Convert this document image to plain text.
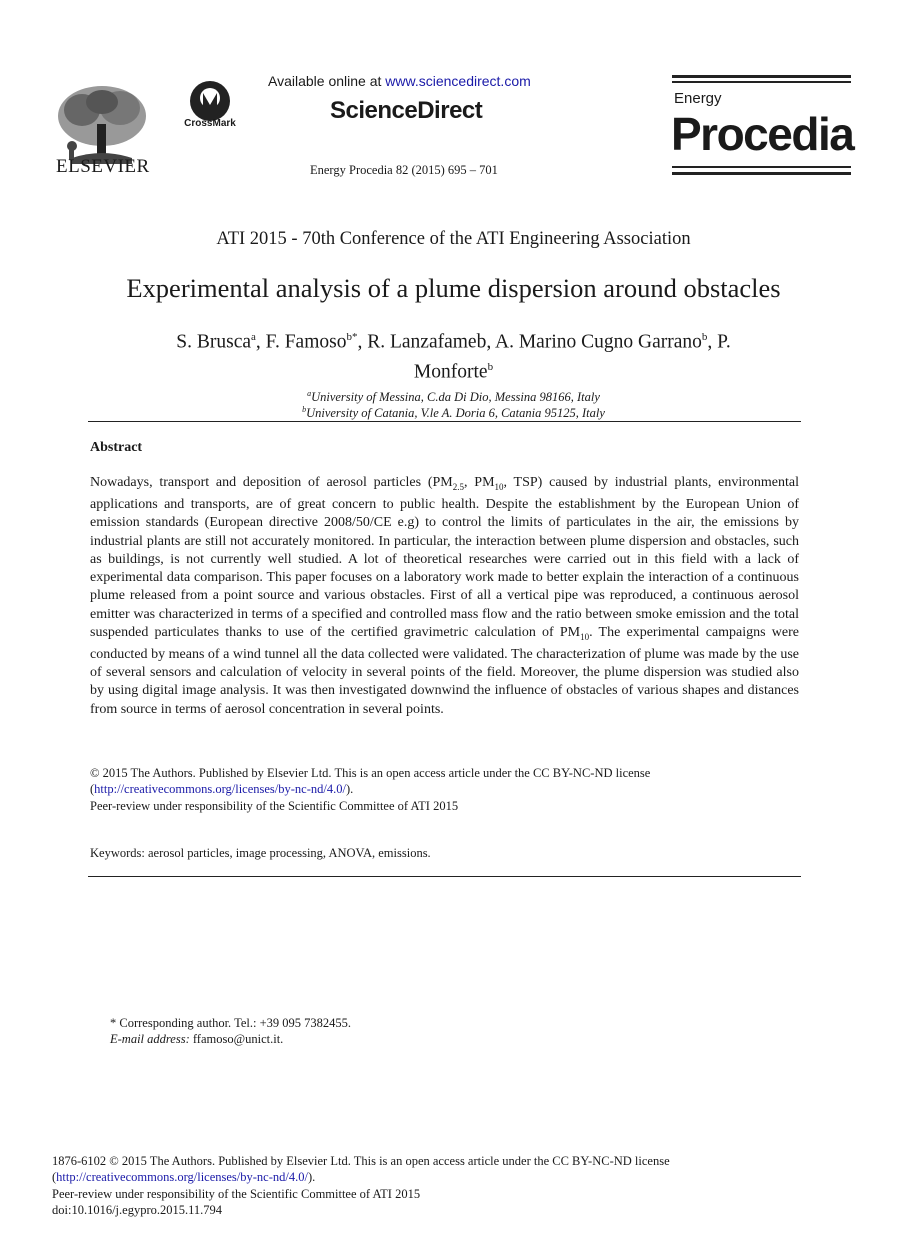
ELSEVIER
CrossMark
Available online at www.sciencedirect.com
ScienceDirect
Energy Procedia 82 (2015) 695 – 701
Energy
Procedia
ATI 2015 - 70th Conference of the ATI Engineering Association
Experimental analysis of a plume dispersion around obstacles
S. Brusca$^a$, F. Famoso$^{b*}$, R. Lanzafameb, A. Marino Cugno Garrano$^b$, P. Monforte$^b$
$^a$University of Messina, C.da Di Dio, Messina 98166, Italy
$^b$University of Catania, V.le A. Doria 6, Catania 95125, Italy
Abstract
Nowadays, transport and deposition of aerosol particles ($PM_{2.5}$, $PM_{10}$, TSP) caused by industrial plants, environmental applications and transports, are of great concern to public health. Despite the establishment by the European Union of emission standards (European directive 2008/50/CE e.g) to control the limits of particulates in the air, the emissions by industrial plants are still not accurately monitored. In particular, the interaction between plume dispersion and obstacles, such as buildings, is not currently well studied. A lot of theoretical researches were carried out in this field with a lack of experimental data comparison. This paper focuses on a laboratory work made to better explain the interaction of a continuous plume released from a point source and various obstacles. First of all a vertical pipe was reproduced, a continuous aerosol emitter was characterized in terms of a specified and controlled mass flow and the ratio between smoke emission and the total suspended particulates thanks to use of the certified gravimetric calculation of $PM_{10}$. The experimental campaigns were conducted by means of a wind tunnel all the data collected were validated. The characterization of plume was made by the use of several sensors and calculation of velocity in several points of the field. Moreover, the plume dispersion was studied also by using digital image analysis. It was then investigated downwind the influence of obstacles of various shapes and distances from source in terms of aerosol concentration in several points.
© 2015 The Authors. Published by Elsevier Ltd. This is an open access article under the CC BY-NC-ND license
(http://creativecommons.org/licenses/by-nc-nd/4.0/).
Peer-review under responsibility of the Scientific Committee of ATI 2015
Keywords: aerosol particles, image processing, ANOVA, emissions.
* Corresponding author. Tel.: +39 095 7382455.
E-mail address: ffamoso@unict.it.
1876-6102 © 2015 The Authors. Published by Elsevier Ltd. This is an open access article under the CC BY-NC-ND license
(http://creativecommons.org/licenses/by-nc-nd/4.0/).
Peer-review under responsibility of the Scientific Committee of ATI 2015
doi:10.1016/j.egypro.2015.11.794
